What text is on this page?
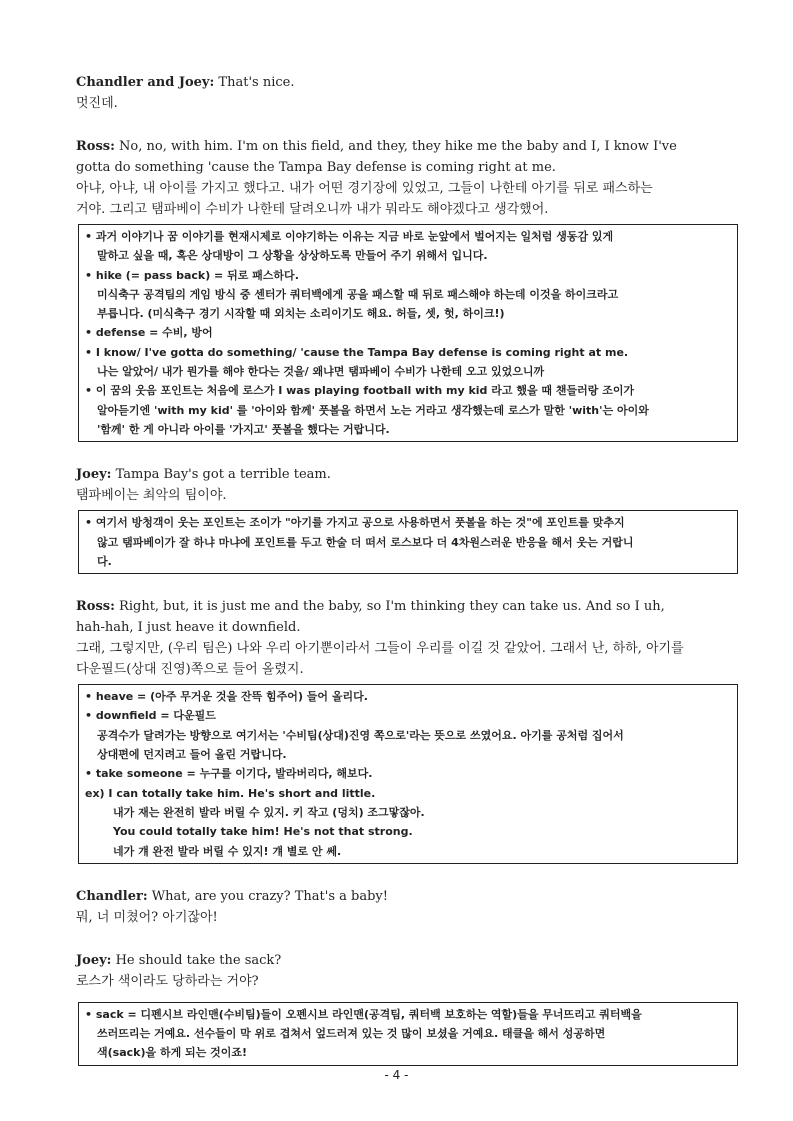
Chandler and Joey: That's nice.
멋진데.
Ross: No, no, with him. I'm on this field, and they, they hike me the baby and I, I know I've
gotta do something 'cause the Tampa Bay defense is coming right at me.
아냐, 아냐, 내 아이를 가지고 했다고. 내가 어떤 경기장에 있었고, 그들이 나한테 아기를 뒤로 패스하는
거야. 그리고 탬파베이 수비가 나한테 달려오니까 내가 뭐라도 해야겠다고 생각했어.
• 과거 이야기나 꿈 이야기를 현재시제로 이야기하는 이유는 지금 바로 눈앞에서 벌어지는 일처럼 생동감 있게
말하고 싶을 때, 혹은 상대방이 그 상황을 상상하도록 만들어 주기 위해서 입니다.
• hike (= pass back) = 뒤로 패스하다.
미식축구 공격팀의 게임 방식 중 센터가 쿼터백에게 공을 패스할 때 뒤로 패스해야 하는데 이것을 하이크라고
부릅니다. (미식축구 경기 시작할 때 외치는 소리이기도 해요. 허들, 셋, 헛, 하이크!)
• defense = 수비, 방어
• I know/ I've gotta do something/ 'cause the Tampa Bay defense is coming right at me.
나는 알았어/ 내가 뭔가를 해야 한다는 것을/ 왜냐면 탬파베이 수비가 나한테 오고 있었으니까
• 이 꿈의 웃음 포인트는 처음에 로스가 I was playing football with my kid 라고 했을 때 챈들러랑 조이가
알아듣기엔 'with my kid' 를 '아이와 함께' 풋볼을 하면서 노는 거라고 생각했는데 로스가 말한 'with'는 아이와
'함께' 한 게 아니라 아이를 '가지고' 풋볼을 했다는 거랍니다.
Joey: Tampa Bay's got a terrible team.
탬파베이는 최악의 팀이야.
• 여기서 방청객이 웃는 포인트는 조이가 "아기를 가지고 공으로 사용하면서 풋볼을 하는 것"에 포인트를 맞추지
않고 탬파베이가 잘 하냐 마냐에 포인트를 두고 한술 더 떠서 로스보다 더 4차원스러운 반응을 해서 웃는 거랍니
다.
Ross: Right, but, it is just me and the baby, so I'm thinking they can take us. And so I uh,
hah-hah, I just heave it downfield.
그래, 그렇지만, (우리 팀은) 나와 우리 아기뿐이라서 그들이 우리를 이길 것 같았어. 그래서 난, 하하, 아기를
다운필드(상대 진영)쪽으로 들어 올렸지.
• heave = (아주 무거운 것을 잔뜩 힘주어) 들어 올리다.
• downfield = 다운필드
공격수가 달려가는 방향으로 여기서는 '수비팀(상대)진영 쪽으로'라는 뜻으로 쓰였어요. 아기를 공처럼 집어서
상대편에 던지려고 들어 올린 거랍니다.
• take someone = 누구를 이기다, 발라버리다, 해보다.
ex) I can totally take him. He's short and little.
내가 재는 완전히 발라 버릴 수 있지. 키 작고 (덩치) 조그맣잖아.
You could totally take him! He's not that strong.
네가 걔 완전 발라 버릴 수 있지! 걔 별로 안 쎄.
Chandler: What, are you crazy? That's a baby!
뭐, 너 미쳤어? 아기잖아!
Joey: He should take the sack?
로스가 색이라도 당하라는 거야?
• sack = 디펜시브 라인맨(수비팀)들이 오펜시브 라인맨(공격팀, 쿼터백 보호하는 역할)들을 무너뜨리고 쿼터백을
쓰러뜨리는 거예요. 선수들이 막 위로 겹쳐서 엎드러져 있는 것 많이 보셨을 거예요. 태클을 해서 성공하면
색(sack)을 하게 되는 것이죠!
- 4 -
